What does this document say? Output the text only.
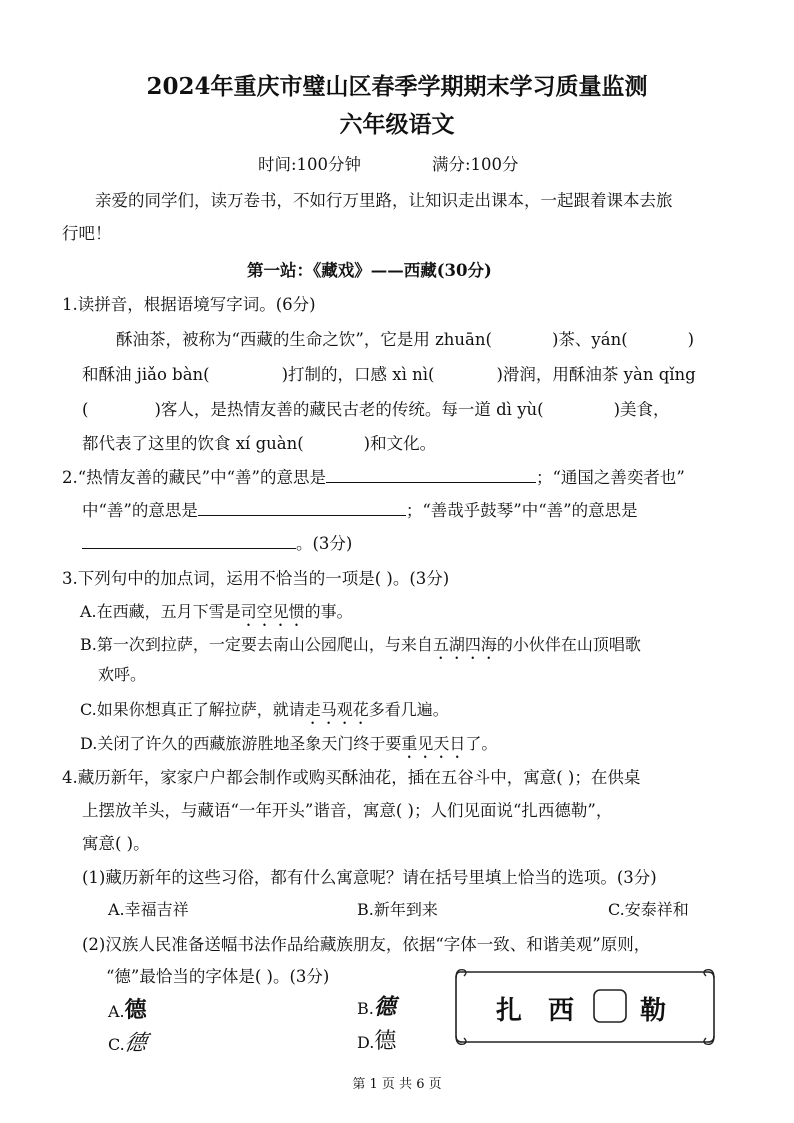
2024年重庆市璧山区春季学期期末学习质量监测
六年级语文
时间:100分钟	满分:100分
亲爱的同学们，读万卷书，不如行万里路，让知识走出课本，一起跟着课本去旅
行吧！
第一站：《藏戏》——西藏(30分)
1.读拼音，根据语境写字词。(6分)
酥油茶，被称为“西藏的生命之饮”，它是用 zhuān(	)茶、yán(	)
和酥油 jiǎo bàn(	)打制的，口感 xì nì(	)滑润，用酥油茶 yàn qǐng
(	)客人，是热情友善的藏民古老的传统。每一道 dì yù(	)美食，
都代表了这里的饮食 xí guàn(	)和文化。
2.“热情友善的藏民”中“善”的意思是	；“通国之善奕者也”
中“善”的意思是	；“善哉乎鼓琴”中“善”的意思是
。(3分)
3.下列句中的加点词，运用不恰当的一项是( )。(3分)
A.在西藏，五月下雪是司空见惯的事。
B.第一次到拉萨，一定要去南山公园爬山，与来自五湖四海的小伙伴在山顶唱歌
欢呼。
C.如果你想真正了解拉萨，就请走马观花多看几遍。
D.关闭了许久的西藏旅游胜地圣象天门终于要重见天日了。
4.藏历新年，家家户户都会制作或购买酥油花，插在五谷斗中，寓意( )；在供桌
上摆放羊头，与藏语“一年开头”谐音，寓意( )；人们见面说“扎西德勒”，
寓意( )。
(1)藏历新年的这些习俗，都有什么寓意呢？请在括号里填上恰当的选项。(3分)
A.幸福吉祥	B.新年到来	C.安泰祥和
(2)汉族人民准备送幅书法作品给藏族朋友，依据“字体一致、和谐美观”原则，
“德”最恰当的字体是( )。(3分)
A.德	B.德
C.德	D.德
扎 西	勒
第 1 页 共 6 页
